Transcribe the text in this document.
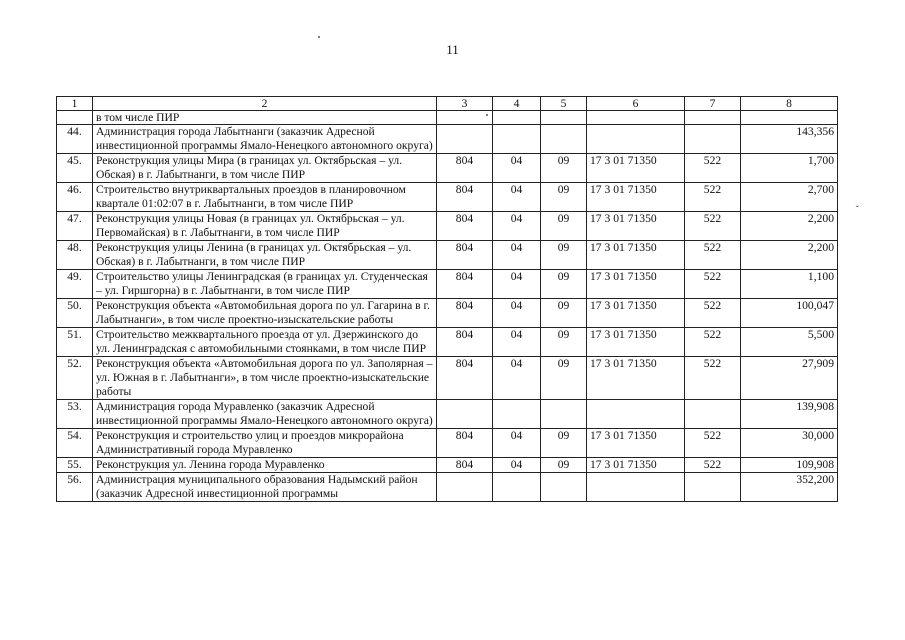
11
1	2	3	4	5	6	7	8
	в том числе ПИР						
44.	Администрация города Лабытнанги (заказчик Адресной инвестиционной программы Ямало-Ненецкого автономного округа)						143,356
45.	Реконструкция улицы Мира (в границах ул. Октябрьская – ул. Обская) в г. Лабытнанги, в том числе ПИР	804	04	09	17 3 01 71350	522	1,700
46.	Строительство внутриквартальных проездов в планировочном квартале 01:02:07 в г. Лабытнанги, в том числе ПИР	804	04	09	17 3 01 71350	522	2,700
47.	Реконструкция улицы Новая (в границах ул. Октябрьская – ул. Первомайская) в г. Лабытнанги, в том числе ПИР	804	04	09	17 3 01 71350	522	2,200
48.	Реконструкция улицы Ленина (в границах ул. Октябрьская – ул. Обская) в г. Лабытнанги, в том числе ПИР	804	04	09	17 3 01 71350	522	2,200
49.	Строительство улицы Ленинградская (в границах ул. Студенческая – ул. Гиршгорна) в г. Лабытнанги, в том числе ПИР	804	04	09	17 3 01 71350	522	1,100
50.	Реконструкция объекта «Автомобильная дорога по ул. Гагарина в г. Лабытнанги», в том числе проектно-изыскательские работы	804	04	09	17 3 01 71350	522	100,047
51.	Строительство межквартального проезда от ул. Дзержинского до ул. Ленинградская с автомобильными стоянками, в том числе ПИР	804	04	09	17 3 01 71350	522	5,500
52.	Реконструкция объекта «Автомобильная дорога по ул. Заполярная – ул. Южная в г. Лабытнанги», в том числе проектно-изыскательские работы	804	04	09	17 3 01 71350	522	27,909
53.	Администрация города Муравленко (заказчик Адресной инвестиционной программы Ямало-Ненецкого автономного округа)						139,908
54.	Реконструкция и строительство улиц и проездов микрорайона Административный города Муравленко	804	04	09	17 3 01 71350	522	30,000
55.	Реконструкция ул. Ленина города Муравленко	804	04	09	17 3 01 71350	522	109,908
56.	Администрация муниципального образования Надымский район (заказчик Адресной инвестиционной программы						352,200
ˇ
